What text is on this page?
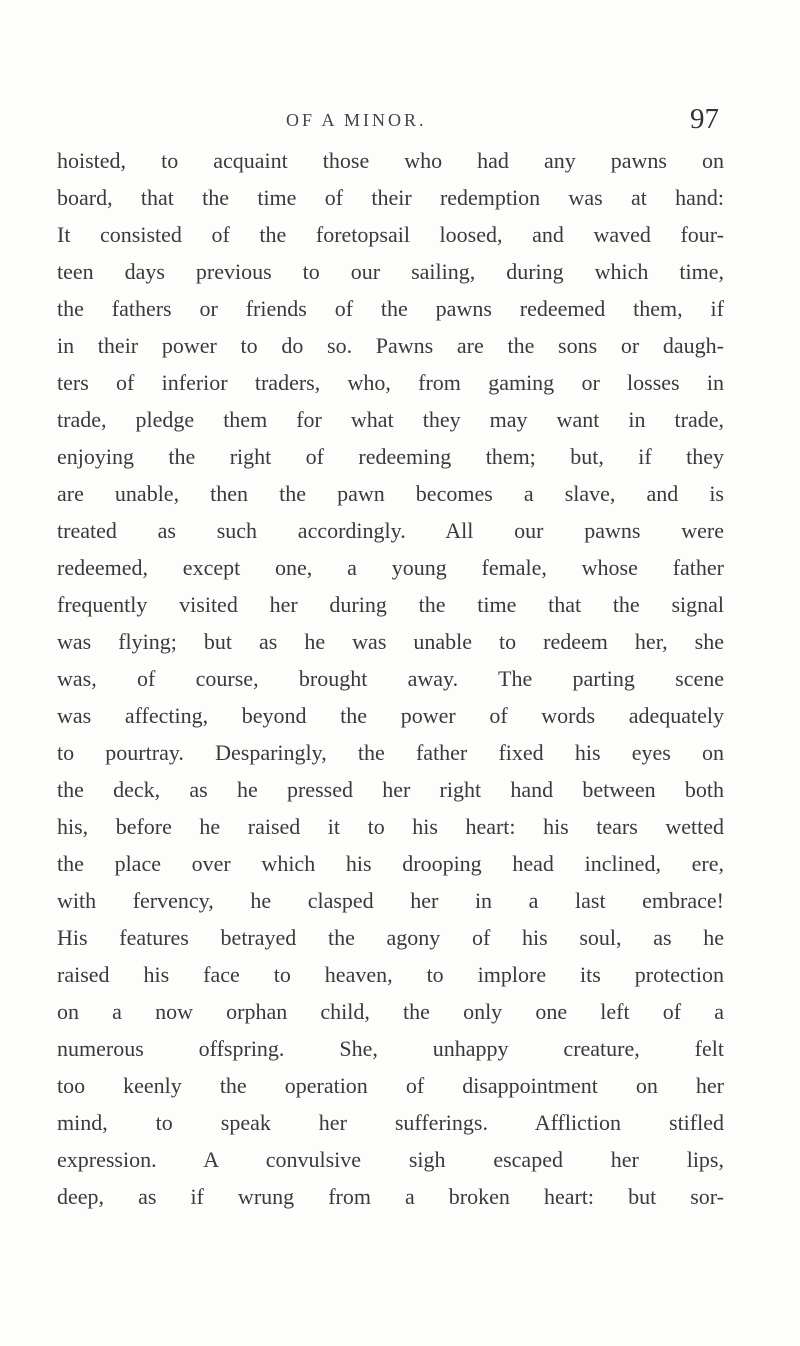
OF A MINOR.	97
hoisted, to acquaint those who had any pawns on
board, that the time of their redemption was at hand:
It consisted of the foretopsail loosed, and waved four-
teen days previous to our sailing, during which time,
the fathers or friends of the pawns redeemed them, if
in their power to do so. Pawns are the sons or daugh-
ters of inferior traders, who, from gaming or losses in
trade, pledge them for what they may want in trade,
enjoying the right of redeeming them; but, if they
are unable, then the pawn becomes a slave, and is
treated as such accordingly. All our pawns were
redeemed, except one, a young female, whose father
frequently visited her during the time that the signal
was flying; but as he was unable to redeem her, she
was, of course, brought away. The parting scene
was affecting, beyond the power of words adequately
to pourtray. Desparingly, the father fixed his eyes on
the deck, as he pressed her right hand between both
his, before he raised it to his heart: his tears wetted
the place over which his drooping head inclined, ere,
with fervency, he clasped her in a last embrace!
His features betrayed the agony of his soul, as he
raised his face to heaven, to implore its protection
on a now orphan child, the only one left of a
numerous offspring. She, unhappy creature, felt
too keenly the operation of disappointment on her
mind, to speak her sufferings. Affliction stifled
expression. A convulsive sigh escaped her lips,
deep, as if wrung from a broken heart: but sor-
